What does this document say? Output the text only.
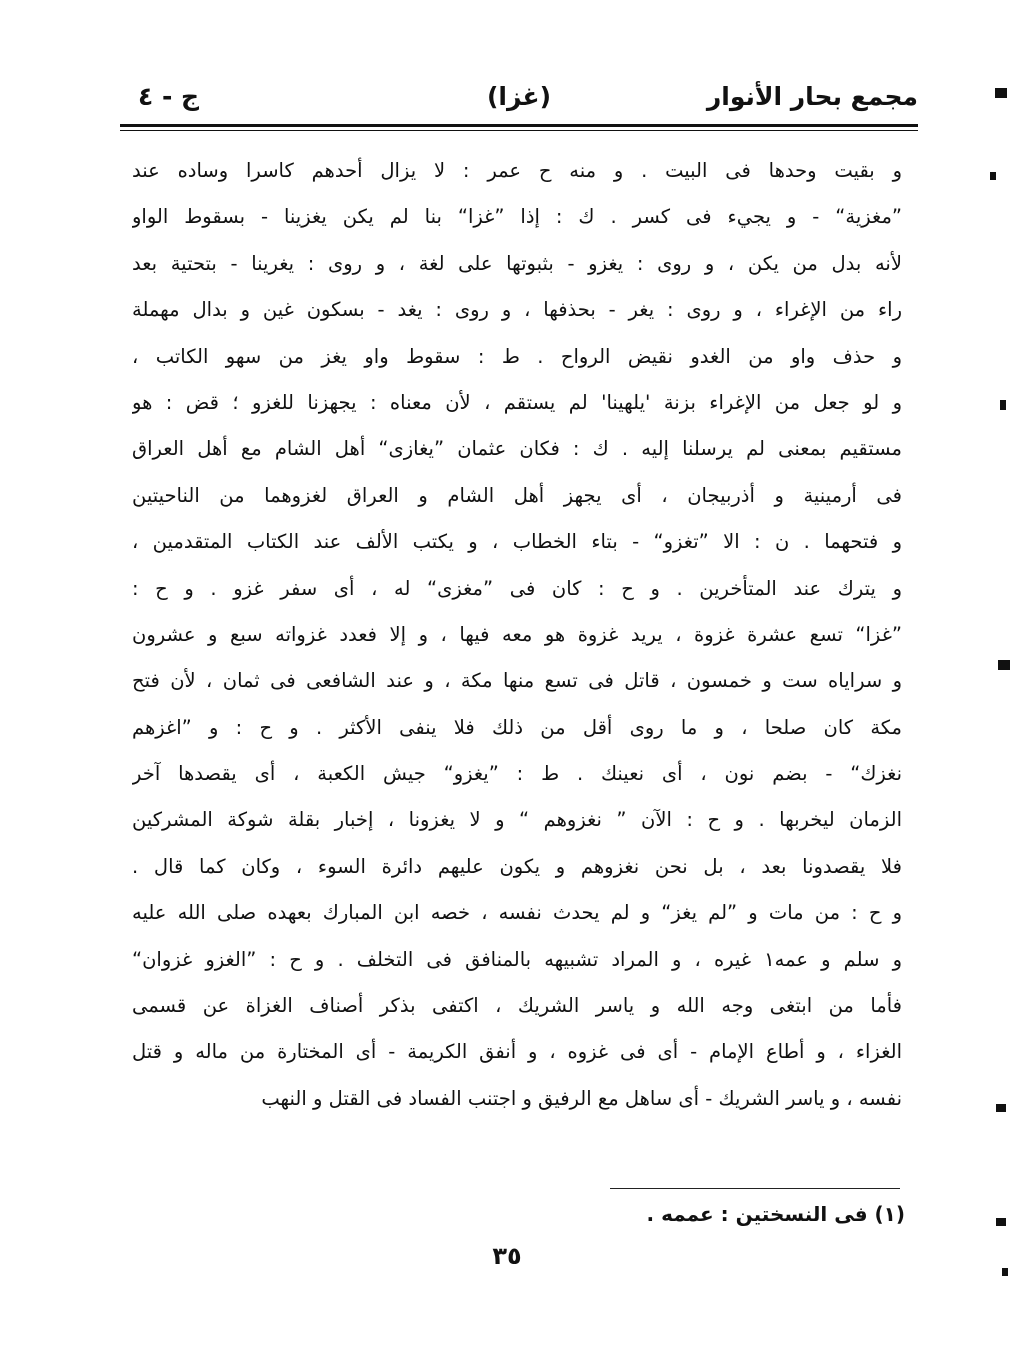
مجمع بحار الأنوار
(غزا)
ج - ٤
و بقيت وحدها فى البيت . و منه ح عمر : لا يزال أحدهم كاسرا وساده عند
”مغزية“ - و يجيء فى كسر . ك : إذا ”غزا“ بنا لم يكن يغزينا - بسقوط الواو
لأنه بدل من يكن ، و روى : يغزو - بثبوتها على لغة ، و روى : يغرينا - بتحتية بعد
راء من الإغراء ، و روى : يغر - بحذفها ، و روى : يغد - بسكون غين و بدال مهملة
و حذف واو من الغدو نقيض الرواح . ط : سقوط واو يغز من سهو الكاتب ،
و لو جعل من الإغراء بزنة 'يلهينا' لم يستقم ، لأن معناه : يجهزنا للغزو ؛ قض : هو
مستقيم بمعنى لم يرسلنا إليه . ك : فكان عثمان ”يغازى“ أهل الشام مع أهل العراق
فى أرمينية و أذربيجان ، أى يجهز أهل الشام و العراق لغزوهما من الناحيتين
و فتحهما . ن : الا ”تغزو“ - بتاء الخطاب ، و يكتب الألف عند الكتاب المتقدمين ،
و يترك عند المتأخرين . و ح : كان فى ”مغزى“ له ، أى سفر غزو . و ح :
”غزا“ تسع عشرة غزوة ، يريد غزوة هو معه فيها ، و إلا فعدد غزواته سبع و عشرون
و سراياه ست و خمسون ، قاتل فى تسع منها مكة ، و عند الشافعى فى ثمان ، لأن فتح
مكة كان صلحا ، و ما روى أقل من ذلك فلا ينفى الأكثر . و ح : و ”اغزهم
نغزك“ - بضم نون ، أى نعينك . ط : ”يغزو“ جيش الكعبة ، أى يقصدها آخر
الزمان ليخربها . و ح : الآن ” نغزوهم “ و لا يغزونا ، إخبار بقلة شوكة المشركين
فلا يقصدونا بعد ، بل نحن نغزوهم و يكون عليهم دائرة السوء ، وكان كما قال .
و ح : من مات و ”لم يغز“ و لم يحدث نفسه ، خصه ابن المبارك بعهده صلى الله عليه
و سلم و عمه١ غيره ، و المراد تشبيهه بالمنافق فى التخلف . و ح : ”الغزو غزوان“
فأما من ابتغى وجه الله و ياسر الشريك ، اكتفى بذكر أصناف الغزاة عن قسمى
الغزاء ، و أطاع الإمام - أى فى غزوه ، و أنفق الكريمة - أى المختارة من ماله و قتل
نفسه ، و ياسر الشريك - أى ساهل مع الرفيق و اجتنب الفساد فى القتل و النهب
(١) فى النسختين : عممه .
٣٥
